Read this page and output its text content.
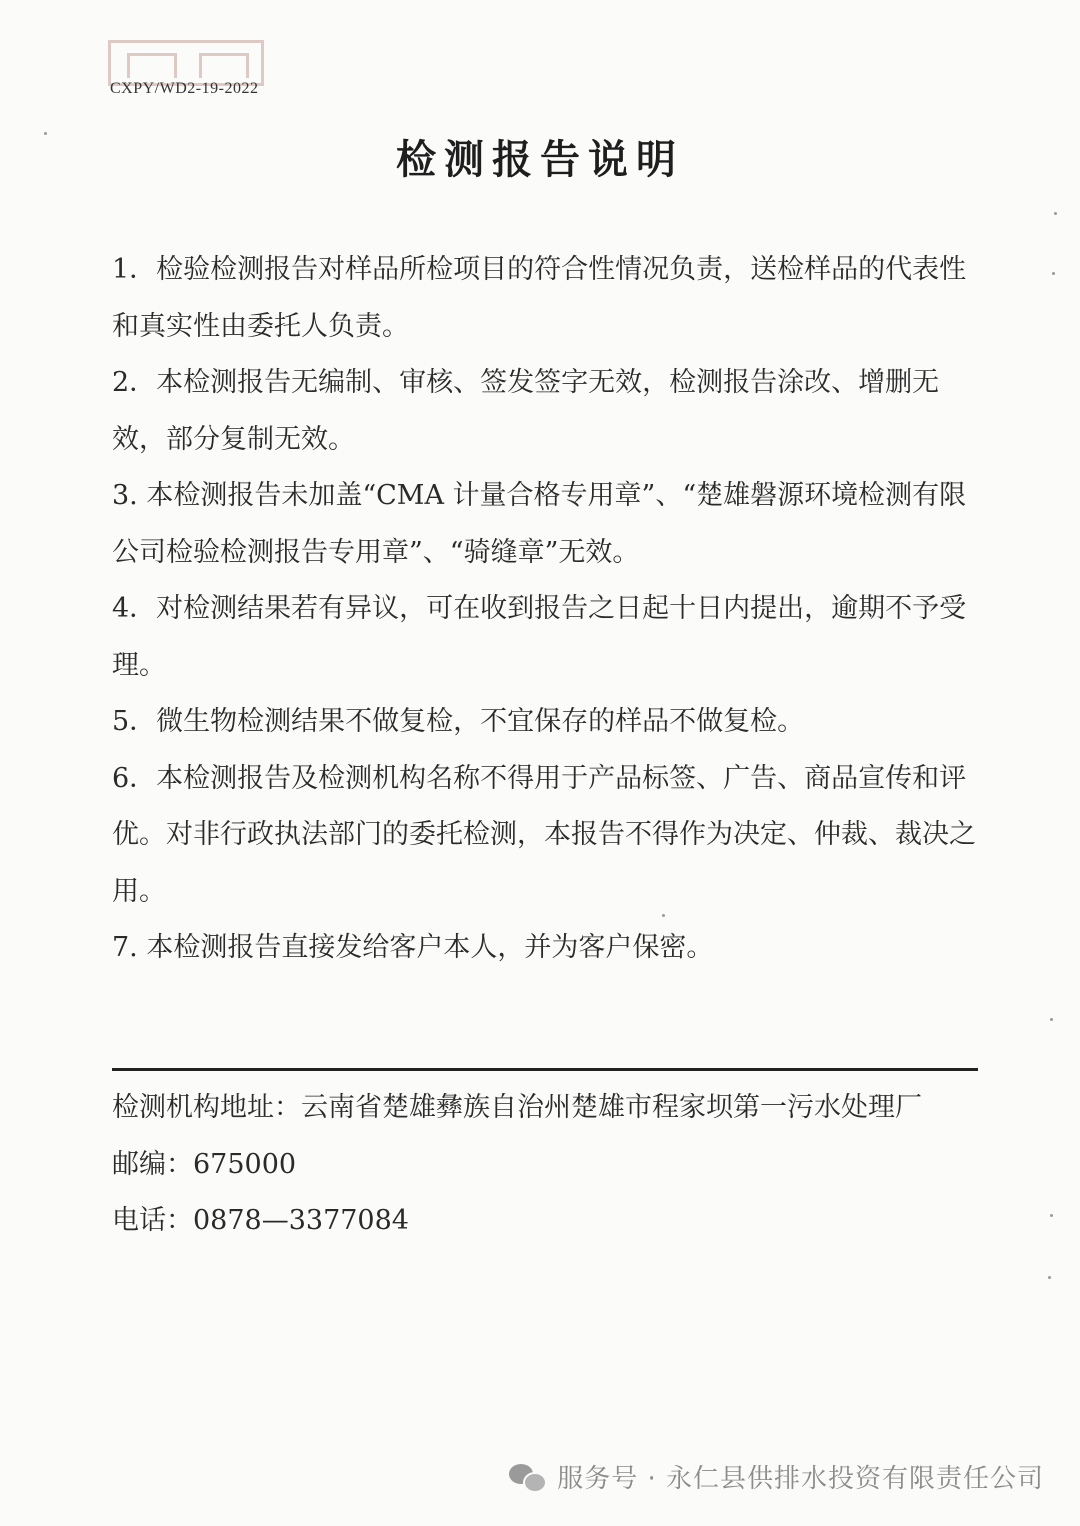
CXPY/WD2-19-2022
检测报告说明
1．检验检测报告对样品所检项目的符合性情况负责，送检样品的代表性和真实性由委托人负责。
2．本检测报告无编制、审核、签发签字无效，检测报告涂改、增删无效，部分复制无效。
3. 本检测报告未加盖“CMA 计量合格专用章”、“楚雄磐源环境检测有限公司检验检测报告专用章”、“骑缝章”无效。
4．对检测结果若有异议，可在收到报告之日起十日内提出，逾期不予受理。
5．微生物检测结果不做复检，不宜保存的样品不做复检。
6．本检测报告及检测机构名称不得用于产品标签、广告、商品宣传和评优。对非行政执法部门的委托检测，本报告不得作为决定、仲裁、裁决之用。
7. 本检测报告直接发给客户本人，并为客户保密。
检测机构地址：云南省楚雄彝族自治州楚雄市程家坝第一污水处理厂
邮编：675000
电话：0878—3377084
服务号 · 永仁县供排水投资有限责任公司
